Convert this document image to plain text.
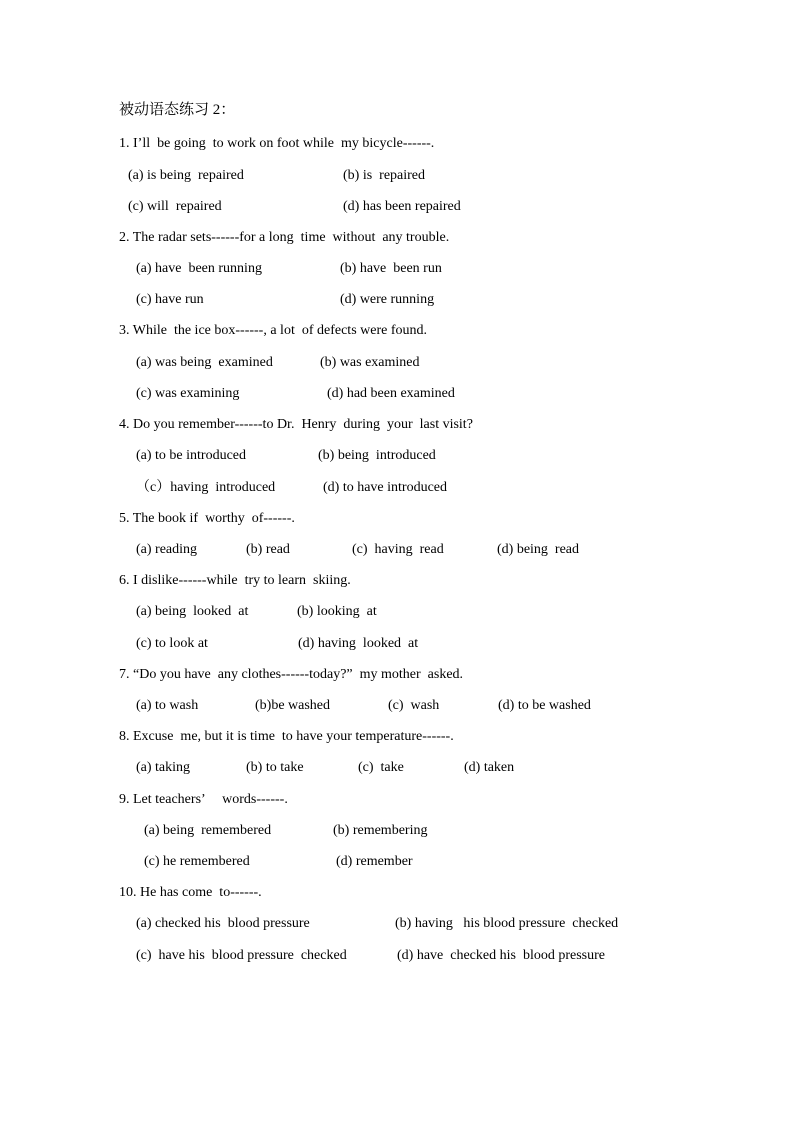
被动语态练习 2：
1. I’ll  be going  to work on foot while  my bicycle------.
(a) is being  repaired	(b) is  repaired
(c) will  repaired	(d) has been repaired
2. The radar sets------for a long  time  without  any trouble.
(a) have  been running	(b) have  been run
(c) have run	(d) were running
3. While  the ice box------, a lot  of defects were found.
(a) was being  examined	(b) was examined
(c) was examining	(d) had been examined
4. Do you remember------to Dr.  Henry  during  your  last visit?
(a) to be introduced	(b) being  introduced
（c）having  introduced	(d) to have introduced
5. The book if  worthy  of------.
(a) reading	(b) read	(c)  having  read	(d) being  read
6. I dislike------while  try to learn  skiing.
(a) being  looked  at	(b) looking  at
(c) to look at	(d) having  looked  at
7. “Do you have  any clothes------today?”  my mother  asked.
(a) to wash	(b)be washed	(c)  wash	(d) to be washed
8. Excuse  me, but it is time  to have your temperature------.
(a) taking	(b) to take	(c)  take	(d) taken
9. Let teachers’     words------.
(a) being  remembered	(b) remembering
(c) he remembered	(d) remember
10. He has come  to------.
(a) checked his  blood pressure	(b) having   his blood pressure  checked
(c)  have his  blood pressure  checked	(d) have  checked his  blood pressure
